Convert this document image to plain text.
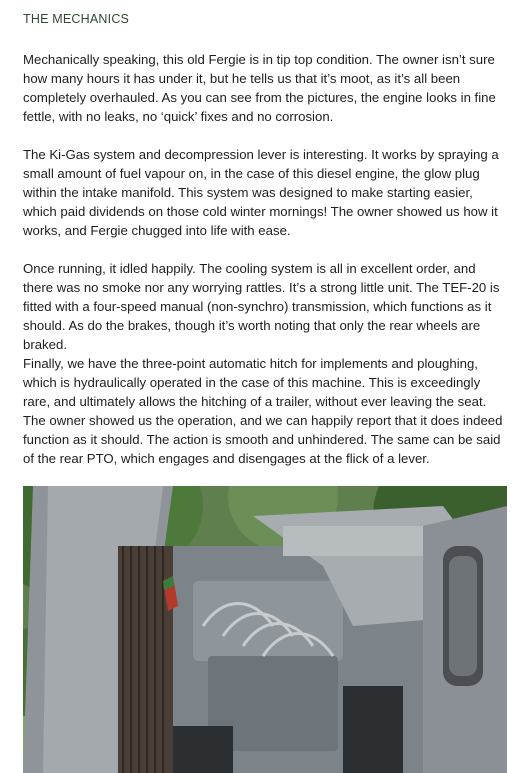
THE MECHANICS

Mechanically speaking, this old Fergie is in tip top condition. The owner isn’t sure how many hours it has under it, but he tells us that it’s moot, as it’s all been completely overhauled. As you can see from the pictures, the engine looks in fine fettle, with no leaks, no ‘quick’ fixes and no corrosion.

The Ki-Gas system and decompression lever is interesting. It works by spraying a small amount of fuel vapour on, in the case of this diesel engine, the glow plug within the intake manifold. This system was designed to make starting easier, which paid dividends on those cold winter mornings! The owner showed us how it works, and Fergie chugged into life with ease.

Once running, it idled happily. The cooling system is all in excellent order, and there was no smoke nor any worrying rattles. It’s a strong little unit. The TEF-20 is fitted with a four-speed manual (non-synchro) transmission, which functions as it should. As do the brakes, though it’s worth noting that only the rear wheels are braked.

Finally, we have the three-point automatic hitch for implements and ploughing, which is hydraulically operated in the case of this machine. This is exceedingly rare, and ultimately allows the hitching of a trailer, without ever leaving the seat. The owner showed us the operation, and we can happily report that it does indeed function as it should. The action is smooth and unhindered. The same can be said of the rear PTO, which engages and disengages at the flick of a lever.
